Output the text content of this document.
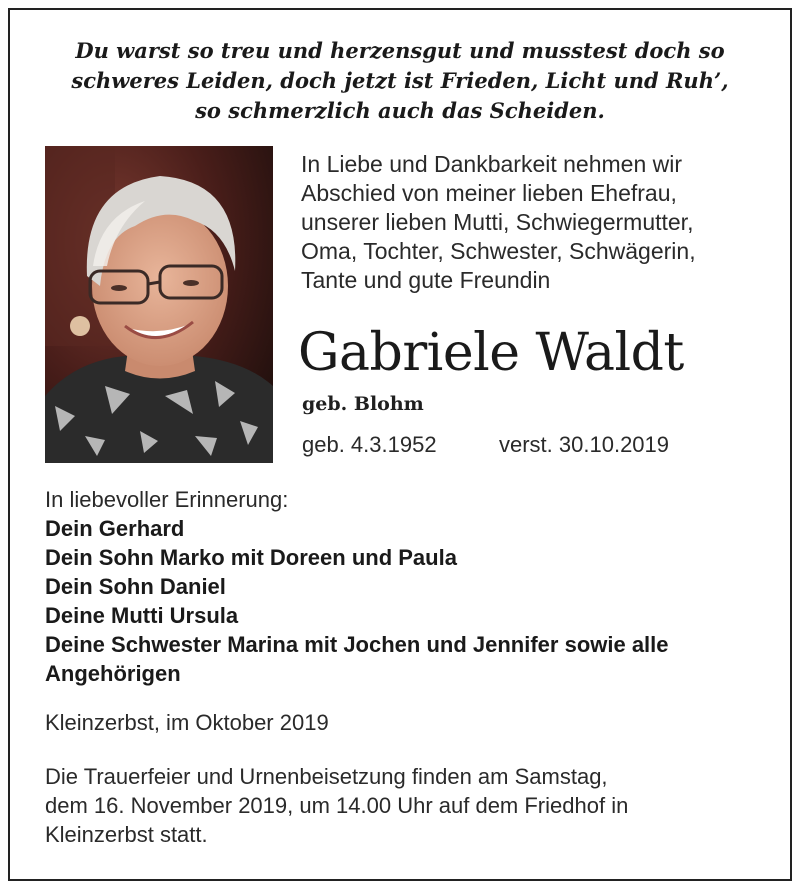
Du warst so treu und herzensgut und musstest doch so
schweres Leiden, doch jetzt ist Frieden, Licht und Ruh’,
so schmerzlich auch das Scheiden.
In Liebe und Dankbarkeit nehmen wir
Abschied von meiner lieben Ehefrau,
unserer lieben Mutti, Schwiegermutter,
Oma, Tochter, Schwester, Schwägerin,
Tante und gute Freundin
Gabriele Waldt
geb. Blohm
geb. 4.3.1952	verst. 30.10.2019
In liebevoller Erinnerung:
Dein Gerhard
Dein Sohn Marko mit Doreen und Paula
Dein Sohn Daniel
Deine Mutti Ursula
Deine Schwester Marina mit Jochen und Jennifer sowie alle Angehörigen
Kleinzerbst, im Oktober 2019
Die Trauerfeier und Urnenbeisetzung finden am Samstag,
dem 16. November 2019, um 14.00 Uhr auf dem Friedhof in
Kleinzerbst statt.
